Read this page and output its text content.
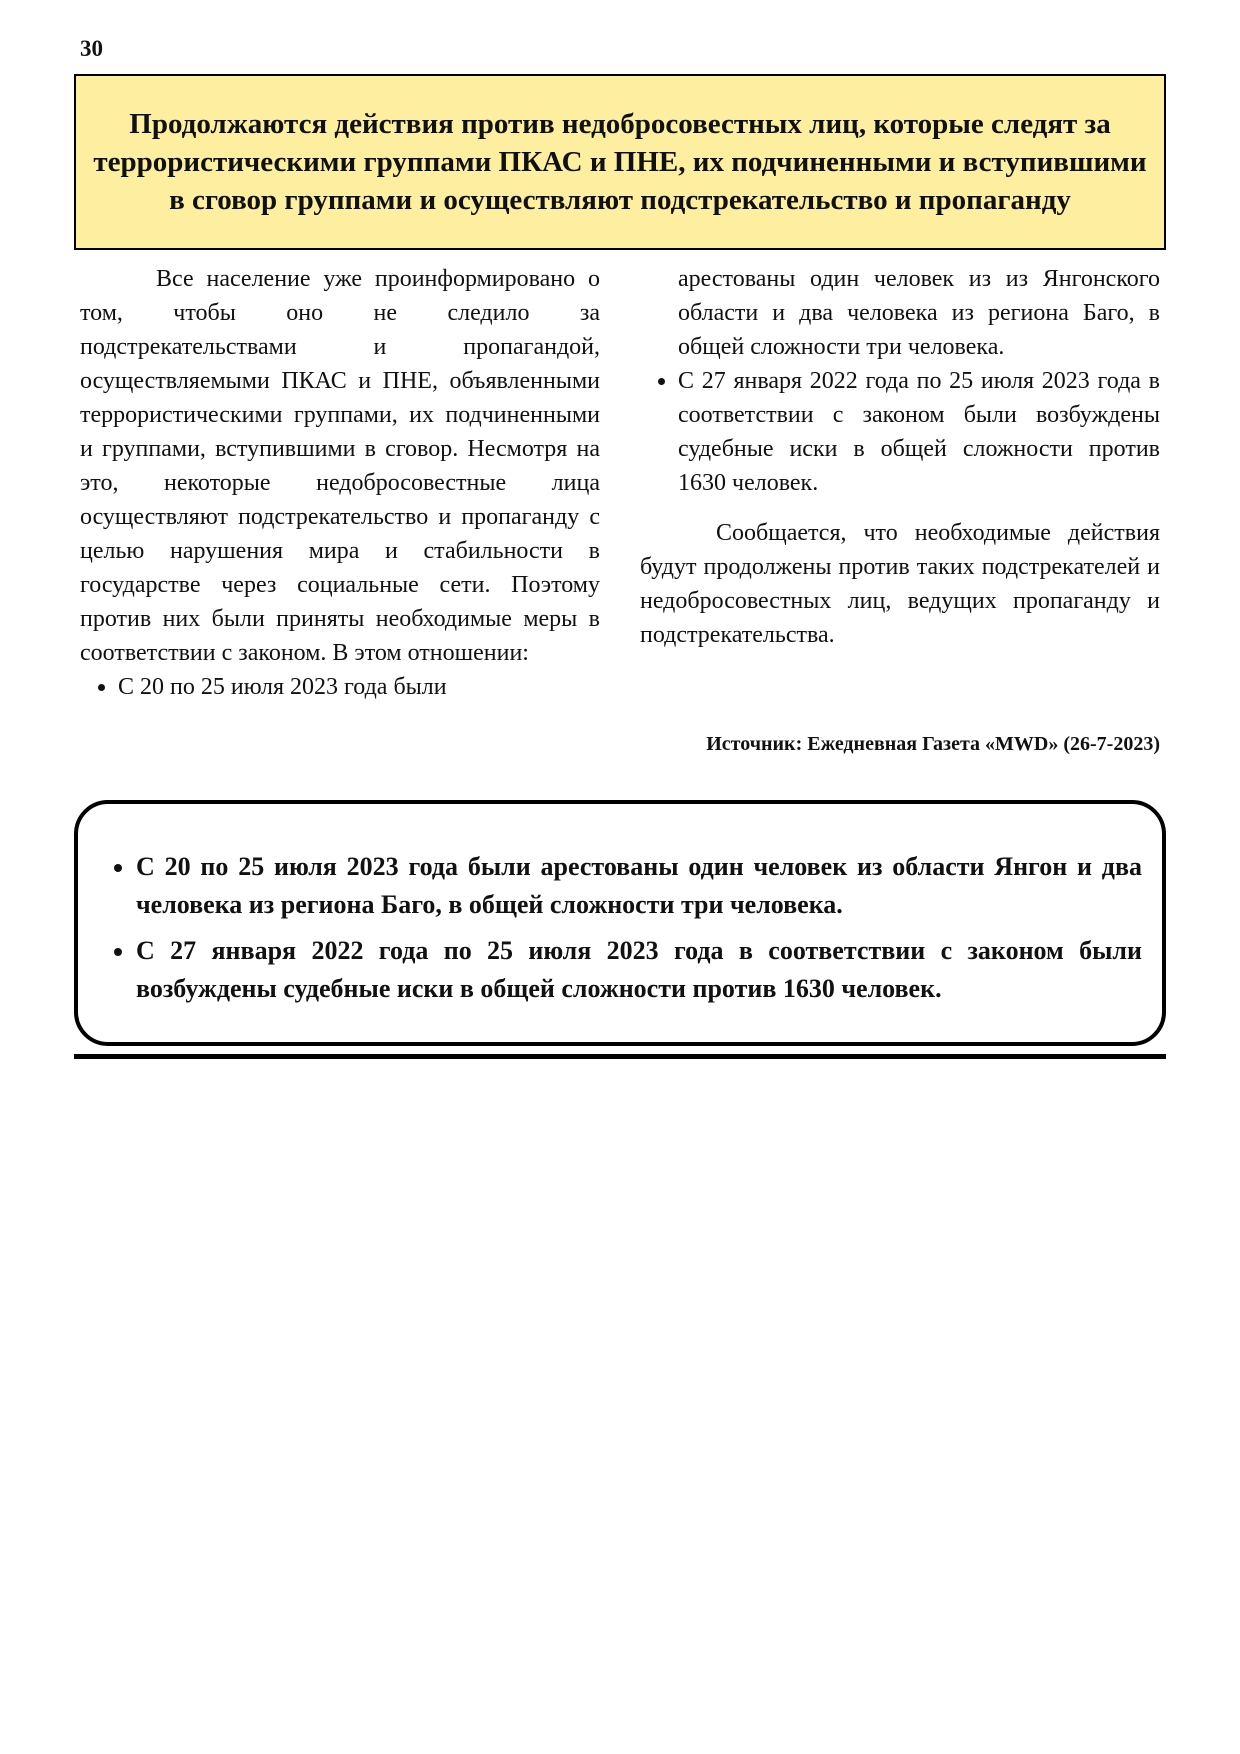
30
Продолжаются действия против недобросовестных лиц, которые следят за террористическими группами ПКАС и ПНЕ, их подчиненными и вступившими в сговор группами и осуществляют подстрекательство и пропаганду

Все население уже проинформировано о том, чтобы оно не следило за подстрекательствами и пропагандой, осуществляемыми ПКАС и ПНЕ, объявленными террористическими группами, их подчиненными и группами, вступившими в сговор. Несмотря на это, некоторые недобросовестные лица осуществляют подстрекательство и пропаганду с целью нарушения мира и стабильности в государстве через социальные сети. Поэтому против них были приняты необходимые меры в соответствии с законом. В этом отношении:

• С 20 по 25 июля 2023 года были
арестованы один человек из из Янгонского области и два человека из региона Баго, в общей сложности три человека.
• С 27 января 2022 года по 25 июля 2023 года в соответствии с законом были возбуждены судебные иски в общей сложности против 1630 человек.

Сообщается, что необходимые действия будут продолжены против таких подстрекателей и недобросовестных лиц, ведущих пропаганду и подстрекательства.

Источник: Ежедневная Газета «MWD» (26-7-2023)
• С 20 по 25 июля 2023 года были арестованы один человек из области Янгон и два человека из региона Баго, в общей сложности три человека.
• С 27 января 2022 года по 25 июля 2023 года в соответствии с законом были возбуждены судебные иски в общей сложности против 1630 человек.
